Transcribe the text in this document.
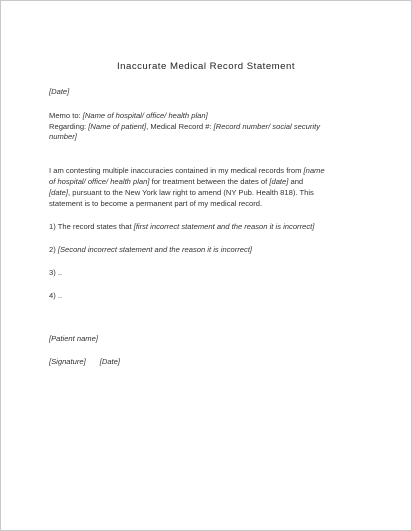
Inaccurate Medical Record Statement
[Date]
Memo to: [Name of hospital/ office/ health plan]
Regarding: [Name of patient], Medical Record #: [Record number/ social security
number]
I am contesting multiple inaccuracies contained in my medical records from [name
of hospital/ office/ health plan] for treatment between the dates of [date] and
[date], pursuant to the New York law right to amend (NY Pub. Health 818). This
statement is to become a permanent part of my medical record.
1) The record states that [first incorrect statement and the reason it is incorrect]
2) [Second incorrect statement and the reason it is incorrect]
3) ..
4) ..
[Patient name]
[Signature] [Date]
